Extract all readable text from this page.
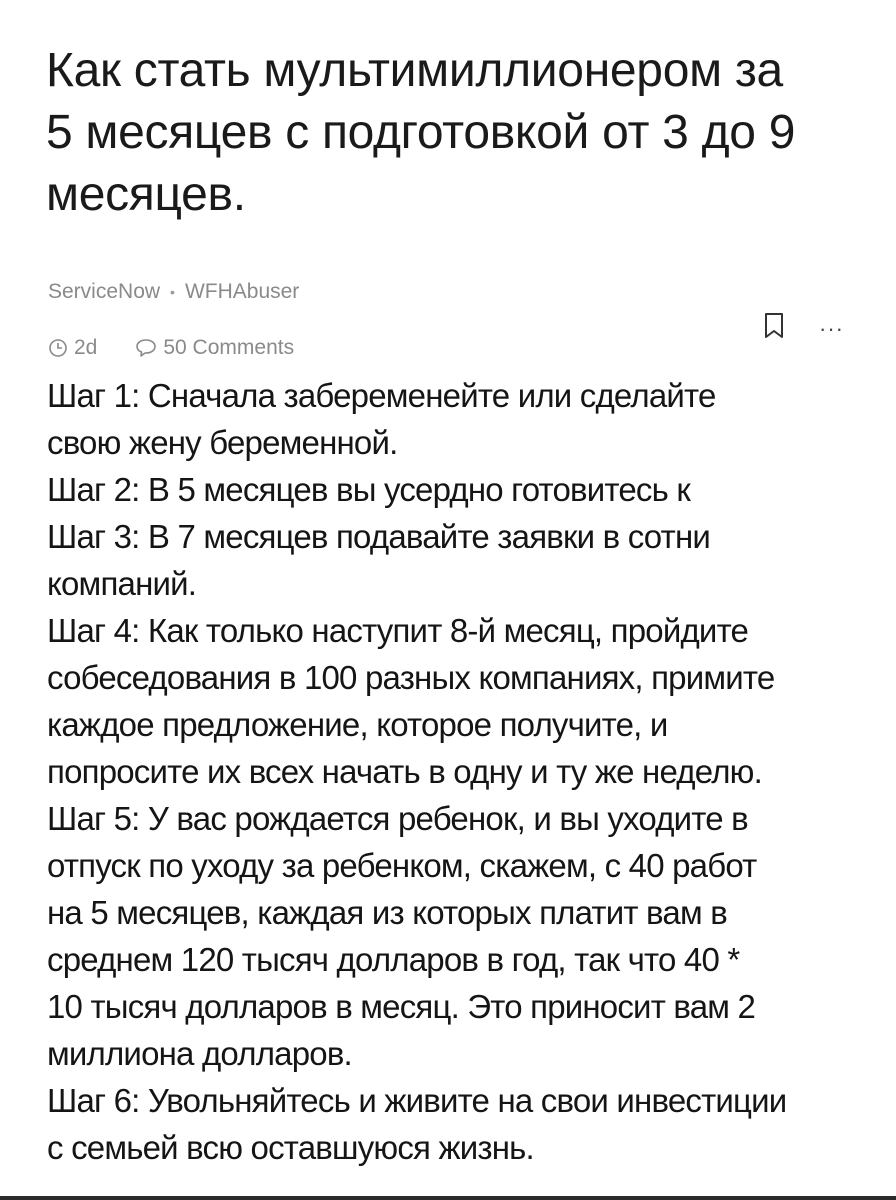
Как стать мультимиллионером за
5 месяцев с подготовкой от 3 до 9
месяцев.
ServiceNow • WFHAbuser
2d	50 Comments
···
Шаг 1: Сначала забеременейте или сделайте
свою жену беременной.
Шаг 2: В 5 месяцев вы усердно готовитесь к
Шаг 3: В 7 месяцев подавайте заявки в сотни
компаний.
Шаг 4: Как только наступит 8-й месяц, пройдите
собеседования в 100 разных компаниях, примите
каждое предложение, которое получите, и
попросите их всех начать в одну и ту же неделю.
Шаг 5: У вас рождается ребенок, и вы уходите в
отпуск по уходу за ребенком, скажем, с 40 работ
на 5 месяцев, каждая из которых платит вам в
среднем 120 тысяч долларов в год, так что 40 *
10 тысяч долларов в месяц. Это приносит вам 2
миллиона долларов.
Шаг 6: Увольняйтесь и живите на свои инвестиции
с семьей всю оставшуюся жизнь.
